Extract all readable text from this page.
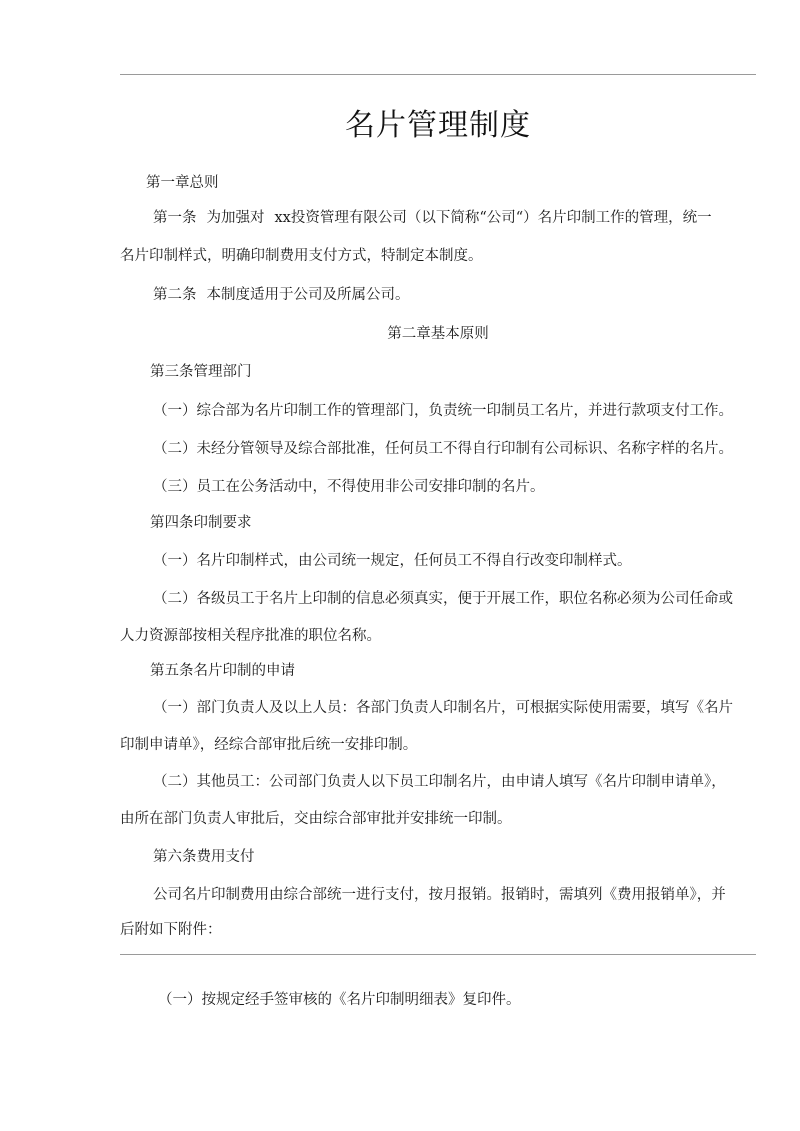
名片管理制度
第一章总则
第一条 为加强对 xx投资管理有限公司（以下简称“公司“）名片印制工作的管理，统一
名片印制样式，明确印制费用支付方式，特制定本制度。
第二条 本制度适用于公司及所属公司。
第二章基本原则
第三条管理部门
（一）综合部为名片印制工作的管理部门，负责统一印制员工名片，并进行款项支付工作。
（二）未经分管领导及综合部批准，任何员工不得自行印制有公司标识、名称字样的名片。
（三）员工在公务活动中，不得使用非公司安排印制的名片。
第四条印制要求
（一）名片印制样式，由公司统一规定，任何员工不得自行改变印制样式。
（二）各级员工于名片上印制的信息必须真实，便于开展工作，职位名称必须为公司任命或
人力资源部按相关程序批准的职位名称。
第五条名片印制的申请
（一）部门负责人及以上人员：各部门负责人印制名片，可根据实际使用需要，填写《名片
印制申请单》，经综合部审批后统一安排印制。
（二）其他员工：公司部门负责人以下员工印制名片，由申请人填写《名片印制申请单》，
由所在部门负责人审批后，交由综合部审批并安排统一印制。
第六条费用支付
公司名片印制费用由综合部统一进行支付，按月报销。报销时，需填列《费用报销单》，并
后附如下附件：
（一）按规定经手签审核的《名片印制明细表》复印件。
